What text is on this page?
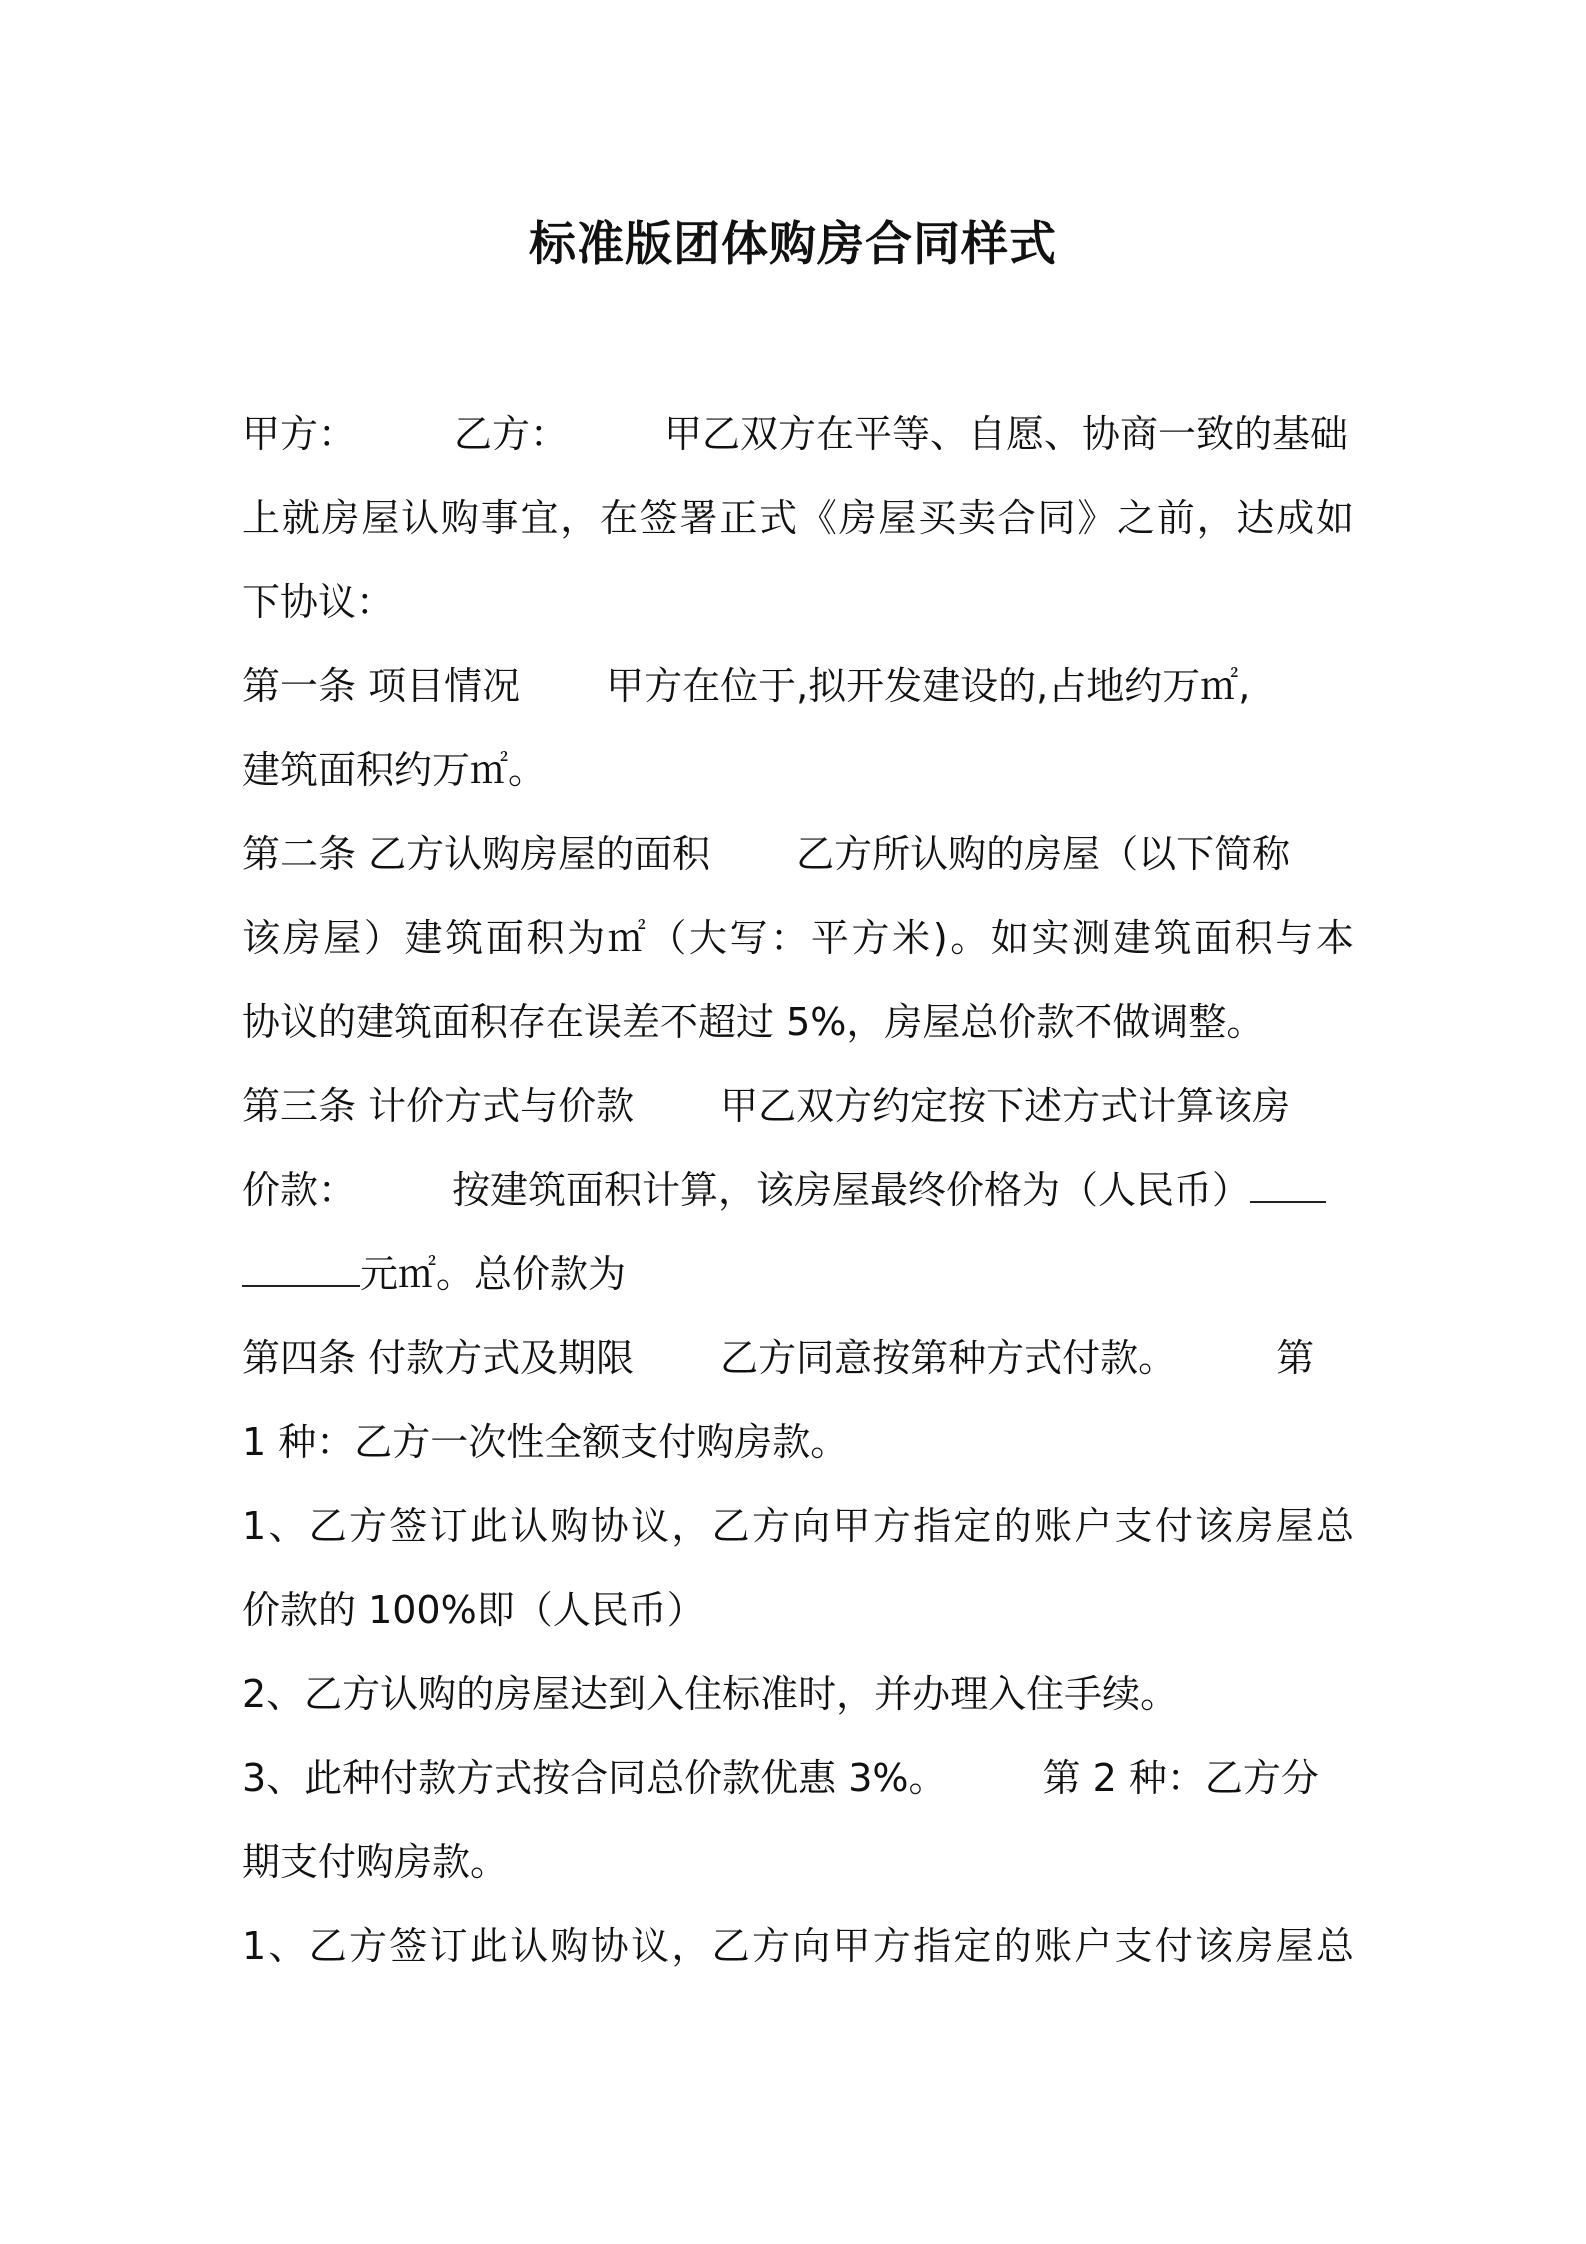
标准版团体购房合同样式
甲方：	乙方：	甲乙双方在平等、自愿、协商一致的基础
上就房屋认购事宜，在签署正式《房屋买卖合同》之前，达成如
下协议：
第一条 项目情况 甲方在位于,拟开发建设的,占地约万㎡,
建筑面积约万㎡。
第二条 乙方认购房屋的面积 乙方所认购的房屋（以下简称
该房屋）建筑面积为㎡（大写：平方米)。如实测建筑面积与本
协议的建筑面积存在误差不超过 5%，房屋总价款不做调整。
第三条 计价方式与价款 甲乙双方约定按下述方式计算该房
价款：	按建筑面积计算，该房屋最终价格为（人民币）
元㎡。总价款为
第四条 付款方式及期限 乙方同意按第种方式付款。	第
1 种：乙方一次性全额支付购房款。
1、乙方签订此认购协议，乙方向甲方指定的账户支付该房屋总
价款的 100%即（人民币）
2、乙方认购的房屋达到入住标准时，并办理入住手续。
3、此种付款方式按合同总价款优惠 3%。	第 2 种：乙方分
期支付购房款。
1、乙方签订此认购协议，乙方向甲方指定的账户支付该房屋总
